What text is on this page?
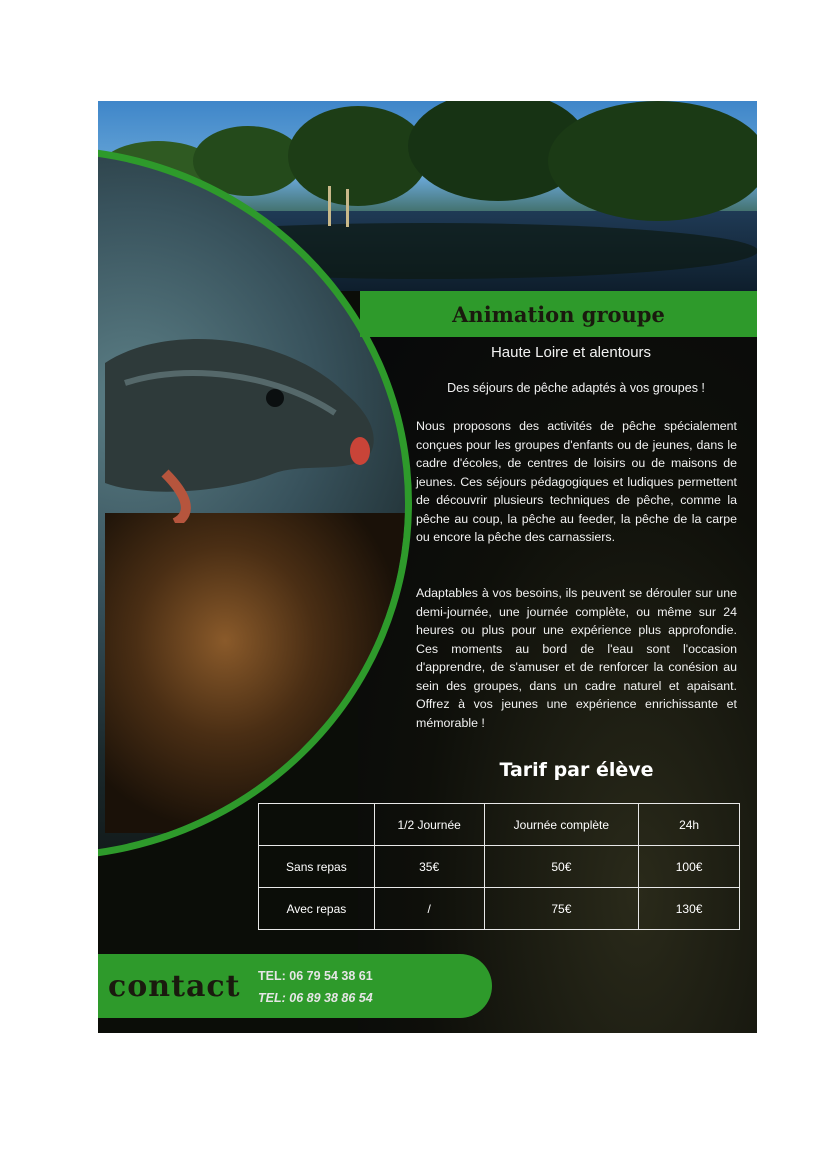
Animation groupe
Haute Loire et alentours
Des séjours de pêche adaptés à vos groupes !
Nous proposons des activités de pêche spécialement conçues pour les groupes d'enfants ou de jeunes, dans le cadre d'écoles, de centres de loisirs ou de maisons de jeunes. Ces séjours pédagogiques et ludiques permettent de découvrir plusieurs techniques de pêche, comme la pêche au coup, la pêche au feeder, la pêche de la carpe ou encore la pêche des carnassiers.
Adaptables à vos besoins, ils peuvent se dérouler sur une demi-journée, une journée complète, ou même sur 24 heures ou plus pour une expérience plus approfondie. Ces moments au bord de l'eau sont l'occasion d'apprendre, de s'amuser et de renforcer la conésion au sein des groupes, dans un cadre naturel et apaisant. Offrez à vos jeunes une expérience enrichissante et mémorable !
Tarif par élève
	1/2 Journée	Journée complète	24h
Sans repas	35€	50€	100€
Avec repas	/	75€	130€
contact TEL: 06 79 54 38 61
TEL: 06 89 38 86 54
